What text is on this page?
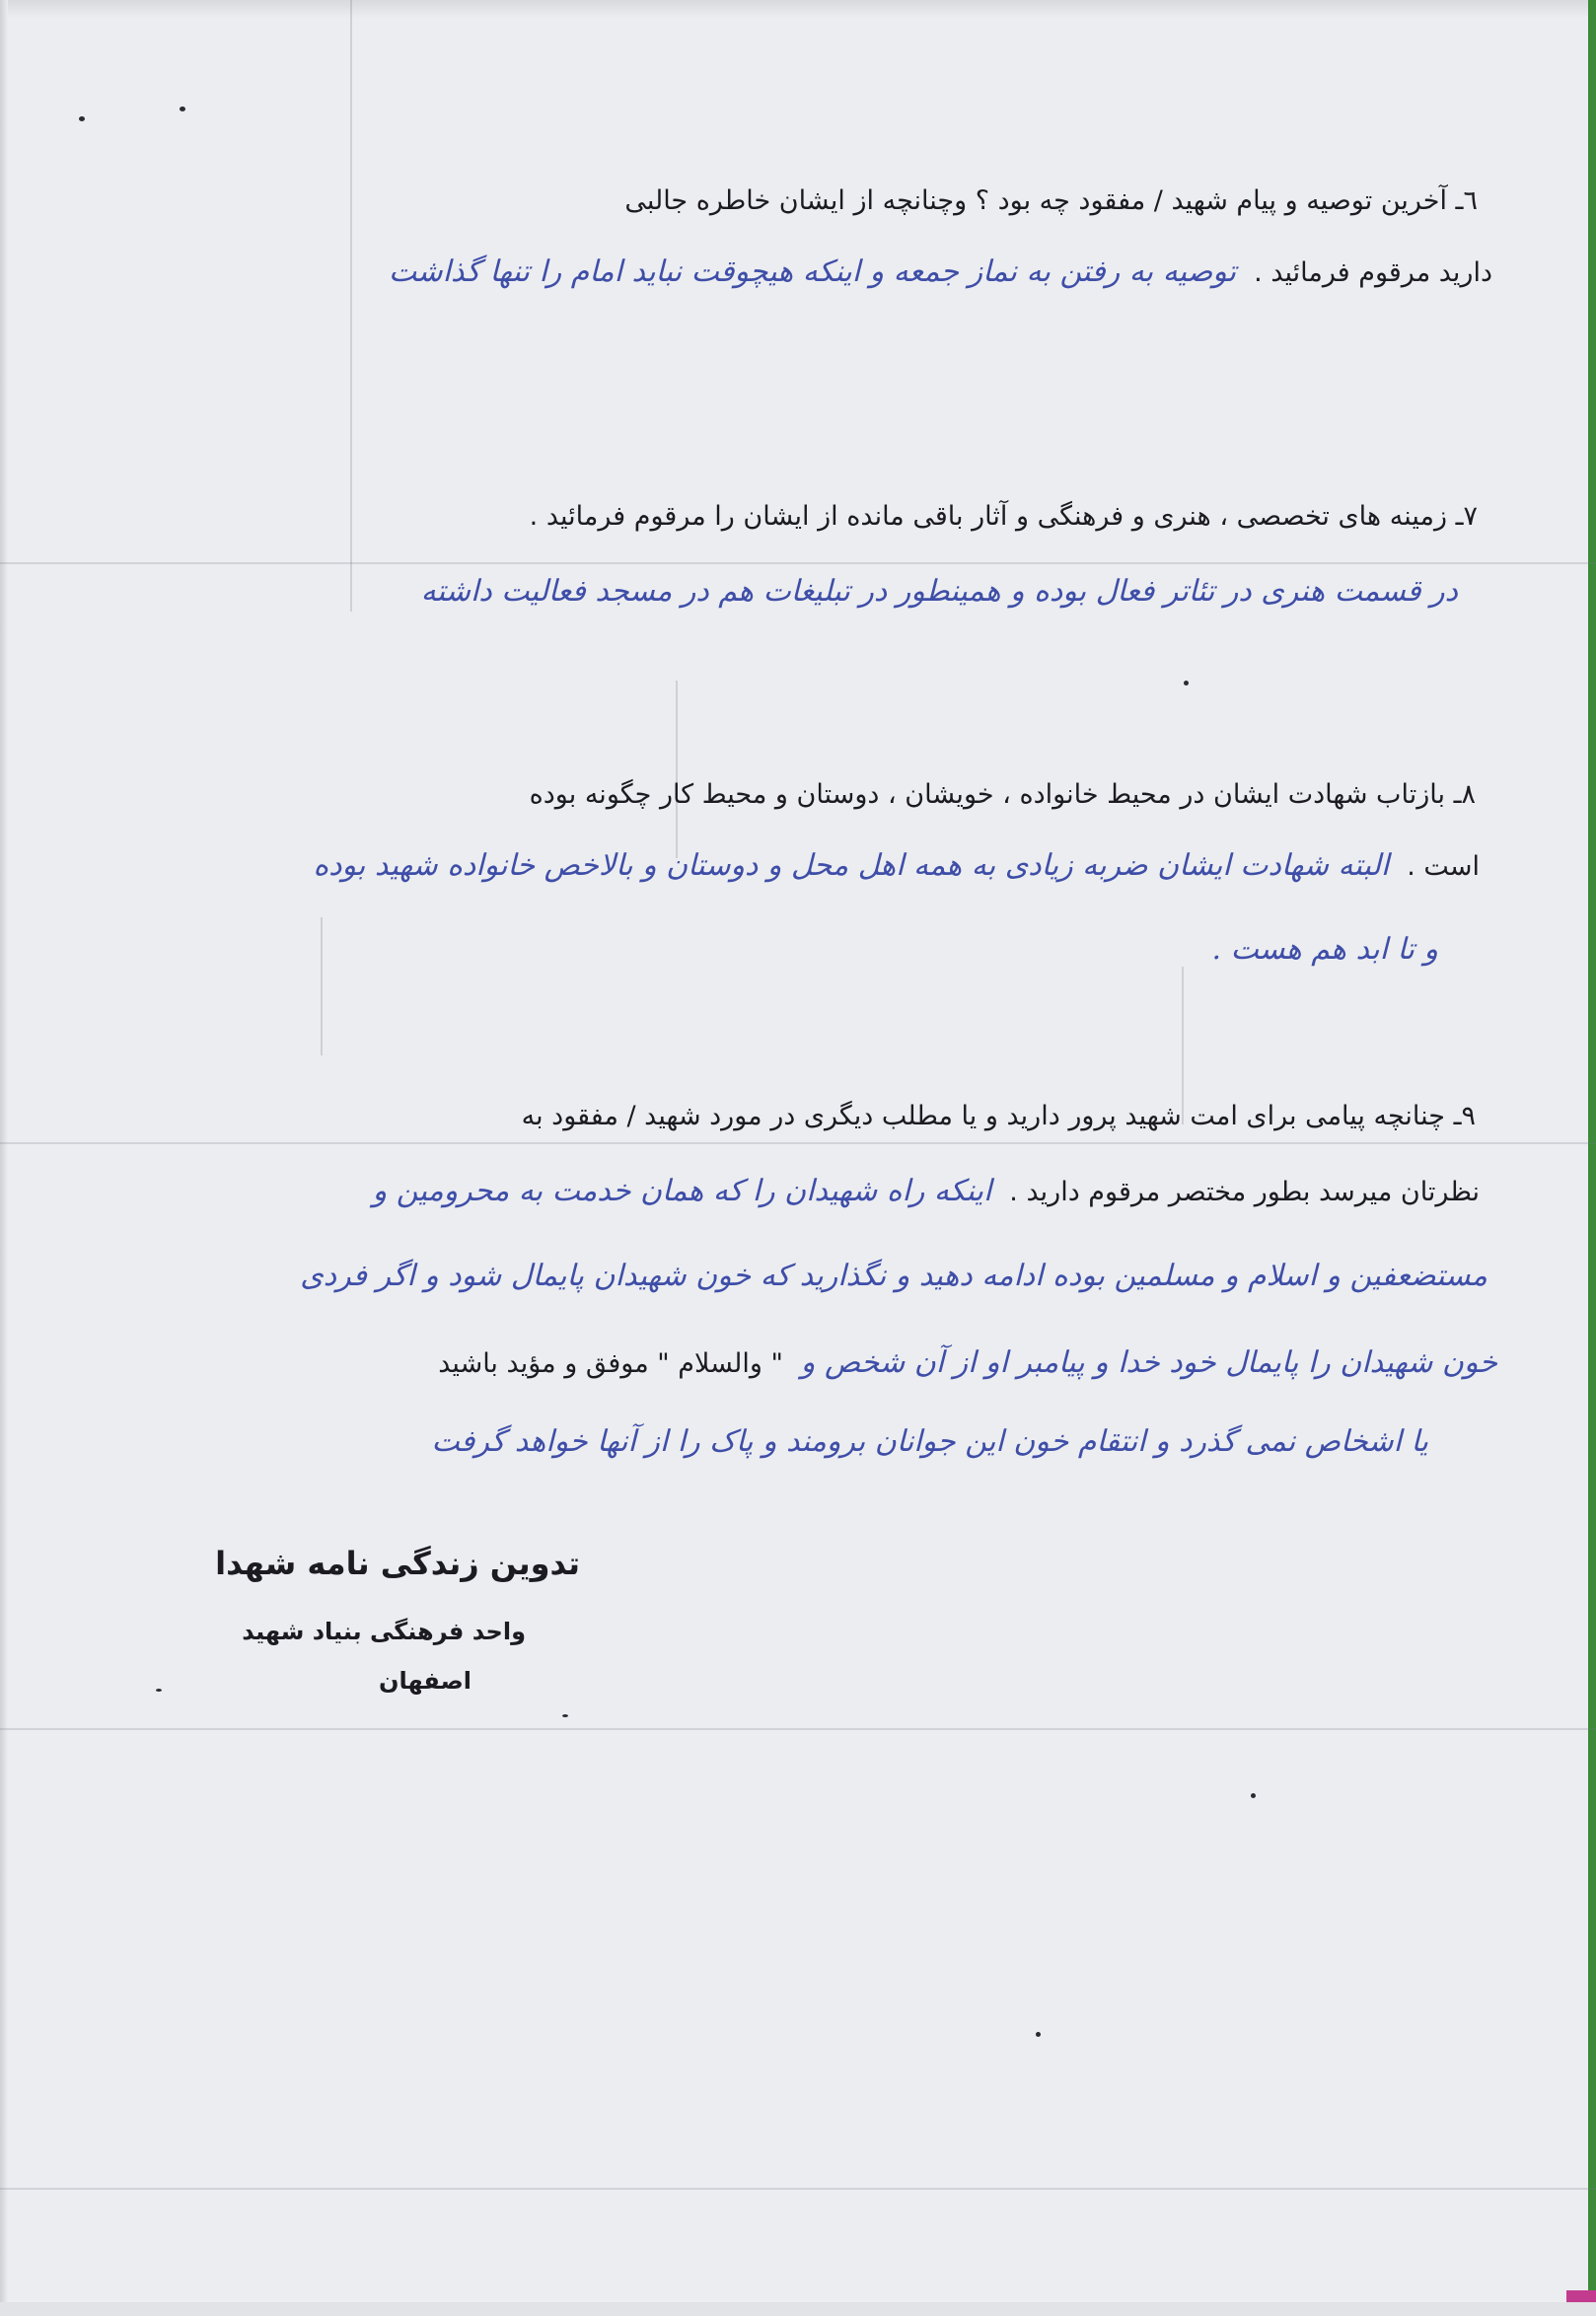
٦ـ آخرین توصیه و پیام شهید / مفقود چه بود ؟ وچنانچه از ایشان خاطره جالبی
دارید مرقوم فرمائید . توصیه به رفتن به نماز جمعه و اینکه هیچوقت نباید امام را تنها گذاشت
٧ـ زمینه های تخصصی ، هنری و فرهنگی و آثار باقی مانده از ایشان را مرقوم فرمائید .
در قسمت هنری در تئاتر فعال بوده و همینطور در تبلیغات هم در مسجد فعالیت داشته
٨ـ بازتاب شهادت ایشان در محیط خانواده ، خویشان ، دوستان و محیط کار چگونه بوده
است . البته شهادت ایشان ضربه زیادی به همه اهل محل و دوستان و بالاخص خانواده شهید بوده
و تا ابد هم هست .
٩ـ چنانچه پیامی برای امت شهید پرور دارید و یا مطلب دیگری در مورد شهید / مفقود به
نظرتان میرسد بطور مختصر مرقوم دارید . اینکه راه شهیدان را که همان خدمت به محرومین و
مستضعفین و اسلام و مسلمین بوده ادامه دهید و نگذارید که خون شهیدان پایمال شود و اگر فردی
خون شهیدان را پایمال خود خدا و پیامبر او از آن شخص و " والسلام " موفق و مؤید باشید
یا اشخاص نمی گذرد و انتقام خون این جوانان برومند و پاک را از آنها خواهد گرفت
تدوین زندگی نامه شهدا
واحد فرهنگی بنیاد شهید
اصفهان
